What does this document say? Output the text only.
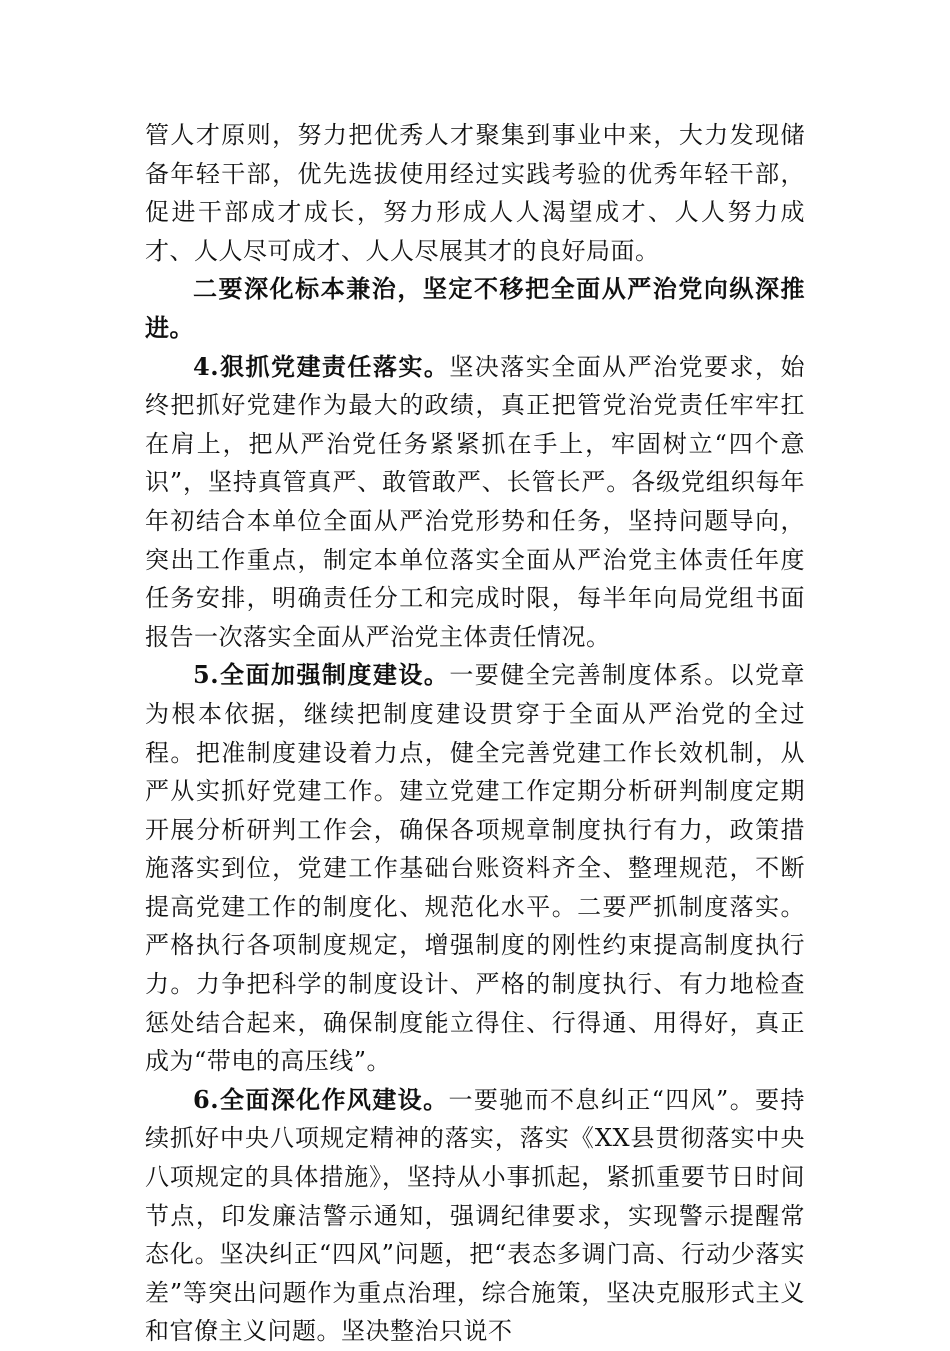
管人才原则，努力把优秀人才聚集到事业中来，大力发现储备年轻干部，优先选拔使用经过实践考验的优秀年轻干部，促进干部成才成长，努力形成人人渴望成才、人人努力成才、人人尽可成才、人人尽展其才的良好局面。

二要深化标本兼治，坚定不移把全面从严治党向纵深推进。

4.狠抓党建责任落实。坚决落实全面从严治党要求，始终把抓好党建作为最大的政绩，真正把管党治党责任牢牢扛在肩上，把从严治党任务紧紧抓在手上，牢固树立“四个意识”，坚持真管真严、敢管敢严、长管长严。各级党组织每年年初结合本单位全面从严治党形势和任务，坚持问题导向，突出工作重点，制定本单位落实全面从严治党主体责任年度任务安排，明确责任分工和完成时限，每半年向局党组书面报告一次落实全面从严治党主体责任情况。

5.全面加强制度建设。一要健全完善制度体系。以党章为根本依据，继续把制度建设贯穿于全面从严治党的全过程。把准制度建设着力点，健全完善党建工作长效机制，从严从实抓好党建工作。建立党建工作定期分析研判制度定期开展分析研判工作会，确保各项规章制度执行有力，政策措施落实到位，党建工作基础台账资料齐全、整理规范，不断提高党建工作的制度化、规范化水平。二要严抓制度落实。严格执行各项制度规定，增强制度的刚性约束提高制度执行力。力争把科学的制度设计、严格的制度执行、有力地检查惩处结合起来，确保制度能立得住、行得通、用得好，真正成为“带电的高压线”。

6.全面深化作风建设。一要驰而不息纠正“四风”。要持续抓好中央八项规定精神的落实，落实《XX县贯彻落实中央八项规定的具体措施》，坚持从小事抓起，紧抓重要节日时间节点，印发廉洁警示通知，强调纪律要求，实现警示提醒常态化。坚决纠正“四风”问题，把“表态多调门高、行动少落实差”等突出问题作为重点治理，综合施策，坚决克服形式主义和官僚主义问题。坚决整治只说不
